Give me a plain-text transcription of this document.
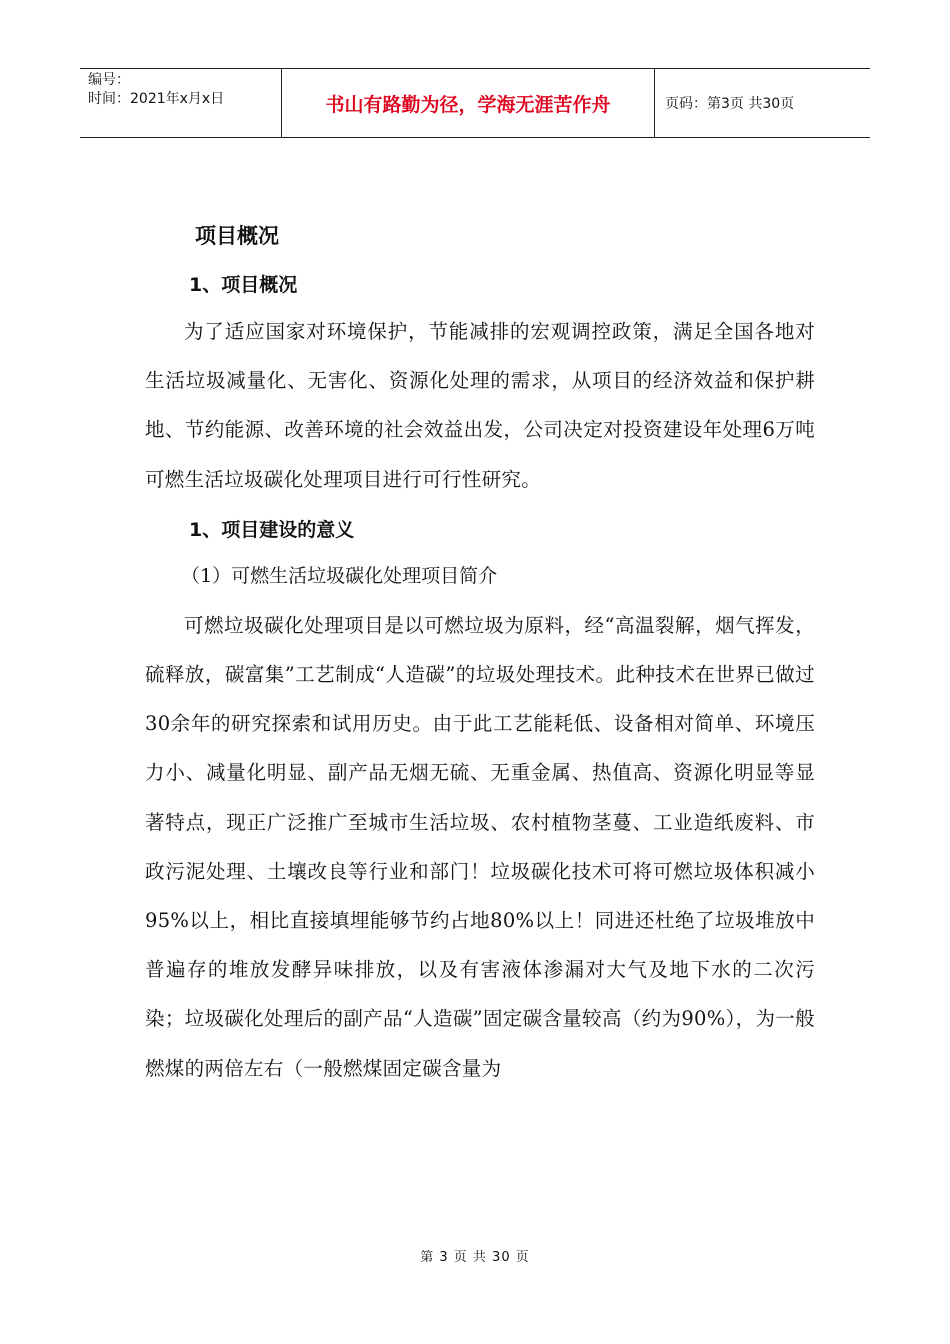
编号：
时间：2021年x月x日	书山有路勤为径，学海无涯苦作舟	页码：第3页 共30页
项目概况
1、项目概况

为了适应国家对环境保护，节能减排的宏观调控政策，满足全国各地对生活垃圾减量化、无害化、资源化处理的需求，从项目的经济效益和保护耕地、节约能源、改善环境的社会效益出发，公司决定对投资建设年处理6万吨可燃生活垃圾碳化处理项目进行可行性研究。

1、项目建设的意义
（1）可燃生活垃圾碳化处理项目简介

可燃垃圾碳化处理项目是以可燃垃圾为原料，经“高温裂解，烟气挥发，硫释放，碳富集”工艺制成“人造碳”的垃圾处理技术。此种技术在世界已做过30余年的研究探索和试用历史。由于此工艺能耗低、设备相对简单、环境压力小、减量化明显、副产品无烟无硫、无重金属、热值高、资源化明显等显著特点，现正广泛推广至城市生活垃圾、农村植物茎蔓、工业造纸废料、市政污泥处理、土壤改良等行业和部门！垃圾碳化技术可将可燃垃圾体积减小95%以上，相比直接填埋能够节约占地80%以上！同进还杜绝了垃圾堆放中普遍存的堆放发酵异味排放，以及有害液体渗漏对大气及地下水的二次污染；垃圾碳化处理后的副产品“人造碳”固定碳含量较高（约为90%），为一般燃煤的两倍左右（一般燃煤固定碳含量为

第 3 页 共 30 页
